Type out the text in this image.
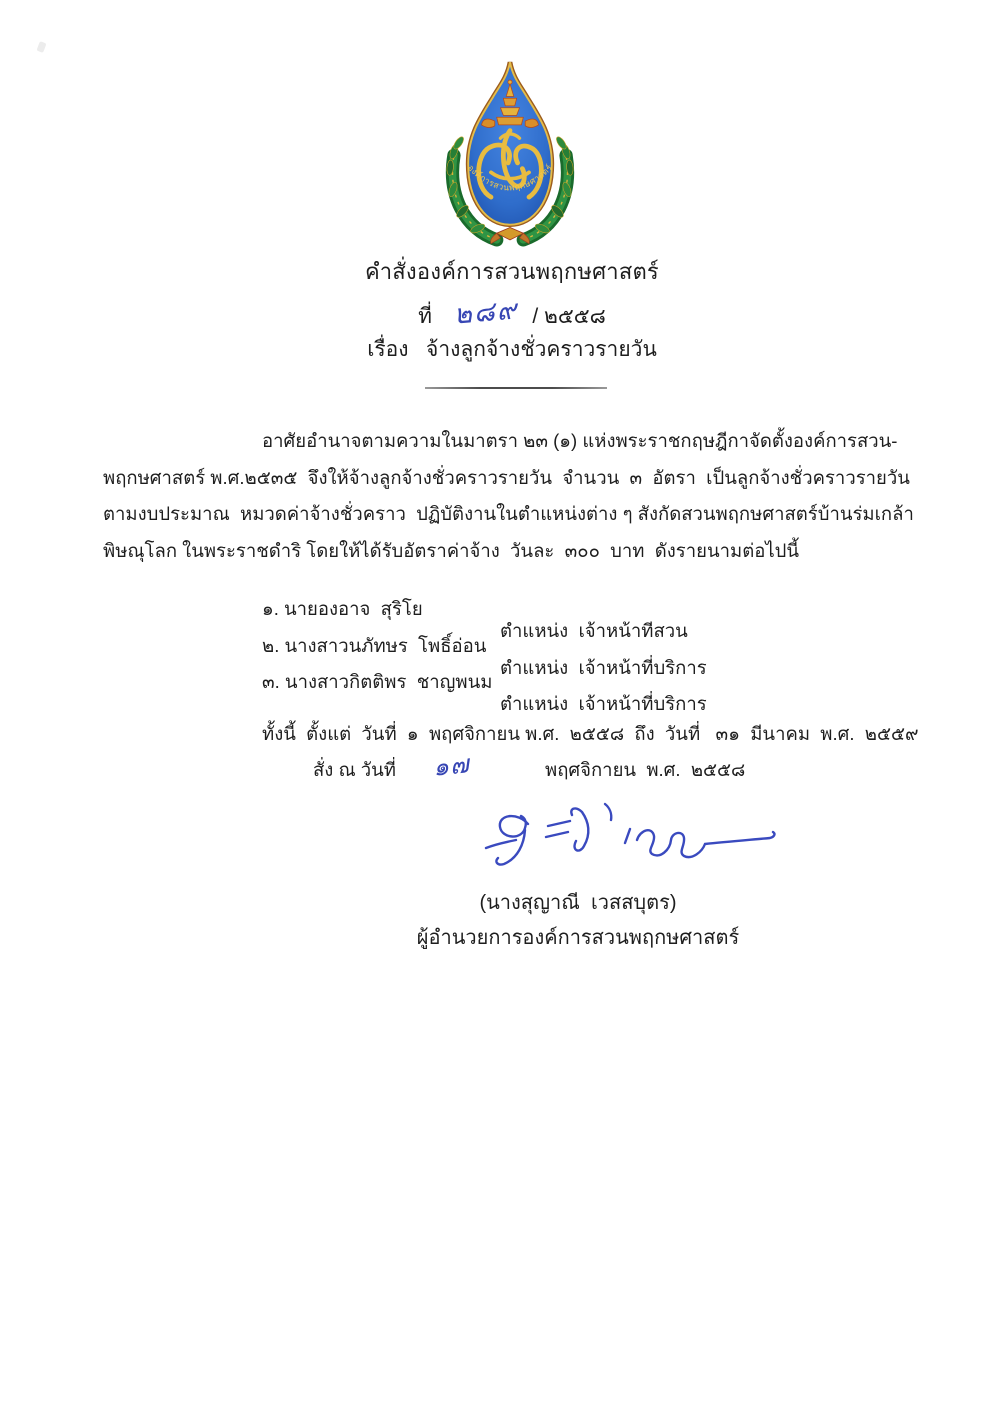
องค์การสวนพฤกษศาสตร์
คำสั่งองค์การสวนพฤกษศาสตร์
ที่ ๒๘๙ / ๒๕๕๘
เรื่อง จ้างลูกจ้างชั่วคราวรายวัน
อาศัยอำนาจตามความในมาตรา ๒๓ (๑) แห่งพระราชกฤษฎีกาจัดตั้งองค์การสวน-
พฤกษศาสตร์ พ.ศ.๒๕๓๕  จึงให้จ้างลูกจ้างชั่วคราวรายวัน  จำนวน  ๓  อัตรา  เป็นลูกจ้างชั่วคราวรายวัน
ตามงบประมาณ  หมวดค่าจ้างชั่วคราว  ปฏิบัติงานในตำแหน่งต่าง ๆ สังกัดสวนพฤกษศาสตร์บ้านร่มเกล้า
พิษณุโลก ในพระราชดำริ โดยให้ได้รับอัตราค่าจ้าง  วันละ  ๓๐๐  บาท  ดังรายนามต่อไปนี้

๑. นายองอาจ  สุริโย

ตำแหน่ง  เจ้าหน้าทีสวน

๒. นางสาวนภัทษร  โพธิ์อ่อน

ตำแหน่ง  เจ้าหน้าที่บริการ

๓. นางสาวกิตติพร  ชาญพนม

ตำแหน่ง  เจ้าหน้าที่บริการ

ทั้งนี้  ตั้งแต่  วันที่  ๑  พฤศจิกายน พ.ศ.  ๒๕๕๘  ถึง  วันที่   ๓๑  มีนาคม  พ.ศ.  ๒๕๕๙

สั่ง ณ วันที่ ๑๗	พฤศจิกายน  พ.ศ.  ๒๕๕๘
(นางสุญาณี  เวสสบุตร)
ผู้อำนวยการองค์การสวนพฤกษศาสตร์
